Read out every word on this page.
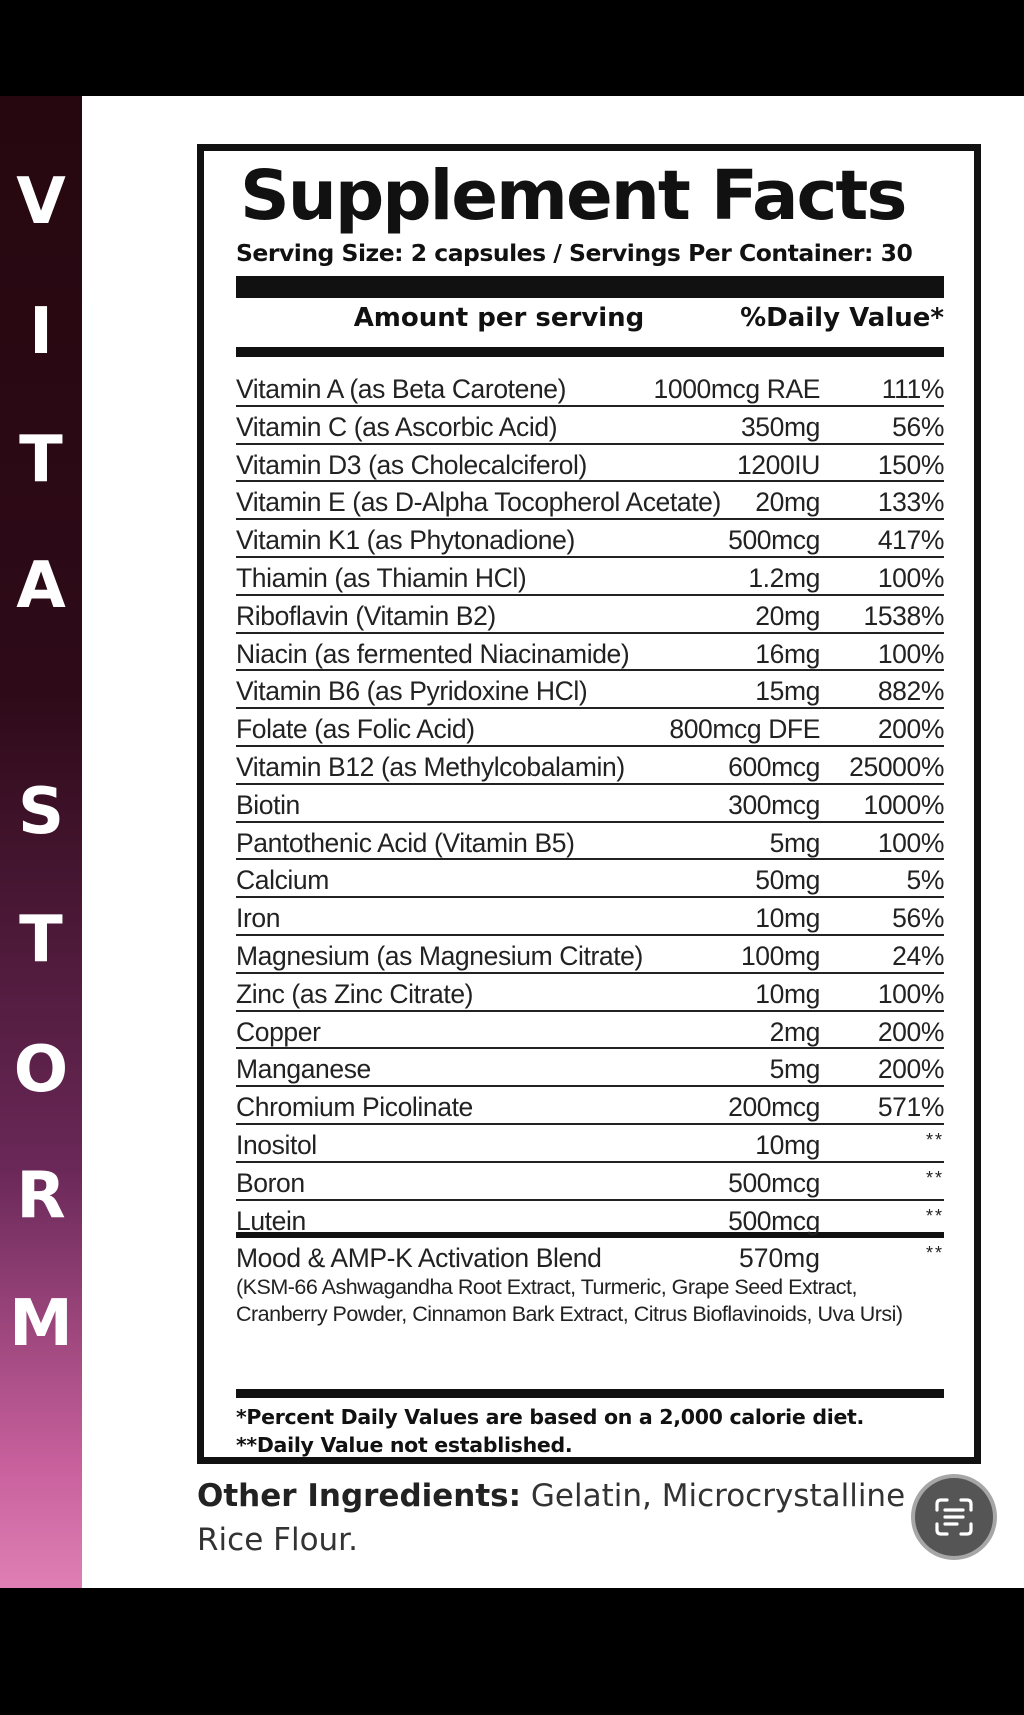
V
I
T
A
S
T
O
R
M
Supplement Facts
Serving Size: 2 capsules / Servings Per Container: 30
Amount per serving	%Daily Value*
Vitamin A (as Beta Carotene)	1000mcg RAE 111%
Vitamin C (as Ascorbic Acid)	350mg	56%
Vitamin D3 (as Cholecalciferol)	1200IU 150%
Vitamin E (as D-Alpha Tocopherol Acetate) 20mg 133%
Vitamin K1 (as Phytonadione)	500mcg 417%
Thiamin (as Thiamin HCl)	1.2mg 100%
Riboflavin (Vitamin B2)	20mg 1538%
Niacin (as fermented Niacinamide)	16mg 100%
Vitamin B6 (as Pyridoxine HCl)	15mg 882%
Folate (as Folic Acid)	800mcg DFE 200%
Vitamin B12 (as Methylcobalamin)	600mcg 25000%
Biotin	300mcg 1000%
Pantothenic Acid (Vitamin B5)	5mg 100%
Calcium	50mg	5%
Iron	10mg	56%
Magnesium (as Magnesium Citrate)	100mg	24%
Zinc (as Zinc Citrate)	10mg 100%
Copper	2mg 200%
Manganese	5mg 200%
Chromium Picolinate	200mcg 571%
Inositol	10mg	**
Boron	500mcg	**
Lutein	500mcg	**
Mood & AMP-K Activation Blend	570mg	**
(KSM-66 Ashwagandha Root Extract, Turmeric, Grape Seed Extract,
Cranberry Powder, Cinnamon Bark Extract, Citrus Bioflavinoids, Uva Ursi)
*Percent Daily Values are based on a 2,000 calorie diet.
**Daily Value not established.
Other Ingredients: Gelatin, Microcrystalline
Rice Flour.
